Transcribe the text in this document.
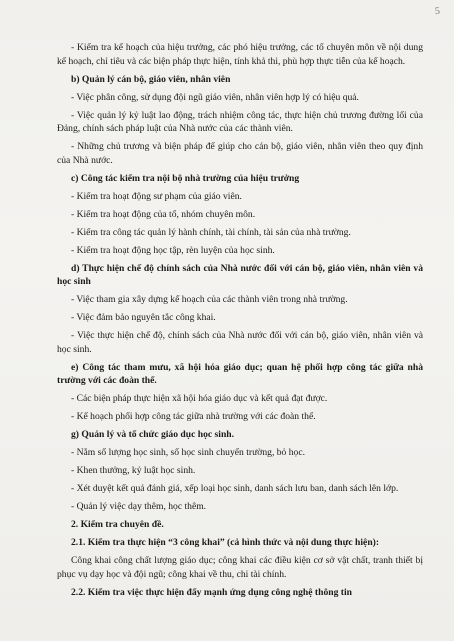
5

- Kiểm tra kế hoạch của hiệu trưởng, các phó hiệu trưởng, các tổ chuyên môn về nội dung kế hoạch, chỉ tiêu và các biện pháp thực hiện, tính khả thi, phù hợp thực tiễn của kế hoạch.

b) Quản lý cán bộ, giáo viên, nhân viên

- Việc phân công, sử dụng đội ngũ giáo viên, nhân viên hợp lý có hiệu quả.

- Việc quản lý kỷ luật lao động, trách nhiệm công tác, thực hiện chủ trương đường lối của Đảng, chính sách pháp luật của Nhà nước của các thành viên.

- Những chủ trương và biện pháp để giúp cho cán bộ, giáo viên, nhân viên theo quy định của Nhà nước.

c) Công tác kiểm tra nội bộ nhà trường của hiệu trưởng

- Kiểm tra hoạt động sư phạm của giáo viên.

- Kiểm tra hoạt động của tổ, nhóm chuyên môn.

- Kiểm tra công tác quản lý hành chính, tài chính, tài sản của nhà trường.

- Kiểm tra hoạt động học tập, rèn luyện của học sinh.

d) Thực hiện chế độ chính sách của Nhà nước đối với cán bộ, giáo viên, nhân viên và học sinh

- Việc tham gia xây dựng kế hoạch của các thành viên trong nhà trường.

- Việc đảm bảo nguyên tắc công khai.

- Việc thực hiện chế độ, chính sách của Nhà nước đối với cán bộ, giáo viên, nhân viên và học sinh.

e) Công tác tham mưu, xã hội hóa giáo dục; quan hệ phối hợp công tác giữa nhà trường với các đoàn thể.

- Các biện pháp thực hiện xã hội hóa giáo dục và kết quả đạt được.

- Kế hoạch phối hợp công tác giữa nhà trường với các đoàn thể.

g) Quản lý và tổ chức giáo dục học sinh.

- Nắm số lượng học sinh, số học sinh chuyển trường, bỏ học.

- Khen thưởng, kỷ luật học sinh.

- Xét duyệt kết quả đánh giá, xếp loại học sinh, danh sách lưu ban, danh sách lên lớp.

- Quản lý việc dạy thêm, học thêm.

2. Kiểm tra chuyên đề.

2.1. Kiểm tra thực hiện “3 công khai” (cả hình thức và nội dung thực hiện):

Công khai công chất lượng giáo dục; công khai các điều kiện cơ sở vật chất, tranh thiết bị phục vụ dạy học và đội ngũ; công khai về thu, chi tài chính.

2.2. Kiểm tra việc thực hiện đẩy mạnh ứng dụng công nghệ thông tin
